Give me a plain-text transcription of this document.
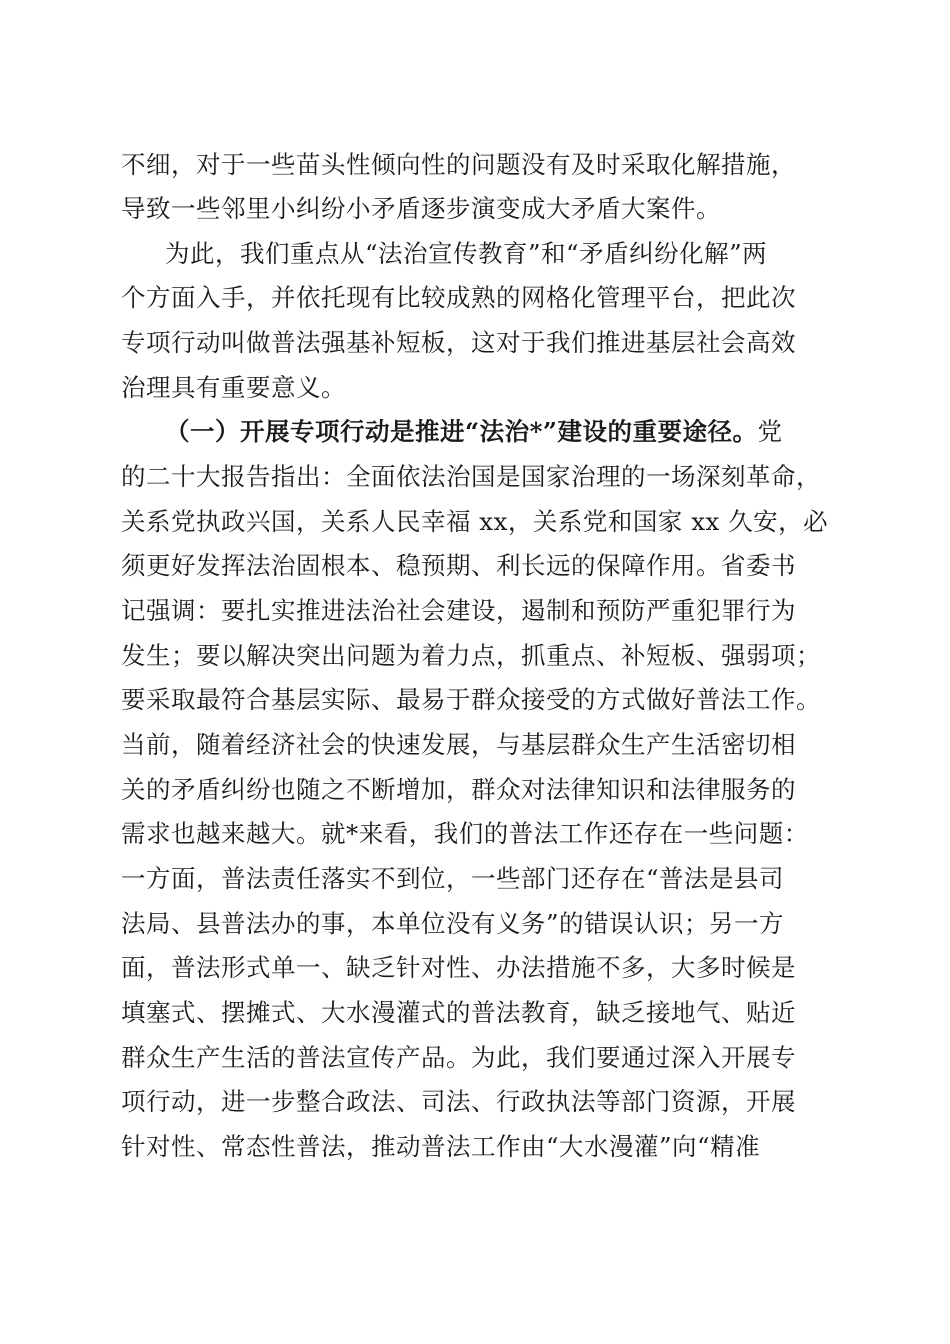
不细，对于一些苗头性倾向性的问题没有及时采取化解措施，
导致一些邻里小纠纷小矛盾逐步演变成大矛盾大案件。
为此，我们重点从“法治宣传教育”和“矛盾纠纷化解”两
个方面入手，并依托现有比较成熟的网格化管理平台，把此次
专项行动叫做普法强基补短板，这对于我们推进基层社会高效
治理具有重要意义。
（一）开展专项行动是推进“法治*”建设的重要途径。党
的二十大报告指出：全面依法治国是国家治理的一场深刻革命，
关系党执政兴国，关系人民幸福 xx，关系党和国家 xx 久安，必
须更好发挥法治固根本、稳预期、利长远的保障作用。省委书
记强调：要扎实推进法治社会建设，遏制和预防严重犯罪行为
发生；要以解决突出问题为着力点，抓重点、补短板、强弱项；
要采取最符合基层实际、最易于群众接受的方式做好普法工作。
当前，随着经济社会的快速发展，与基层群众生产生活密切相
关的矛盾纠纷也随之不断增加，群众对法律知识和法律服务的
需求也越来越大。就*来看，我们的普法工作还存在一些问题：
一方面，普法责任落实不到位，一些部门还存在“普法是县司
法局、县普法办的事，本单位没有义务”的错误认识；另一方
面，普法形式单一、缺乏针对性、办法措施不多，大多时候是
填塞式、摆摊式、大水漫灌式的普法教育，缺乏接地气、贴近
群众生产生活的普法宣传产品。为此，我们要通过深入开展专
项行动，进一步整合政法、司法、行政执法等部门资源，开展
针对性、常态性普法，推动普法工作由“大水漫灌”向“精准
